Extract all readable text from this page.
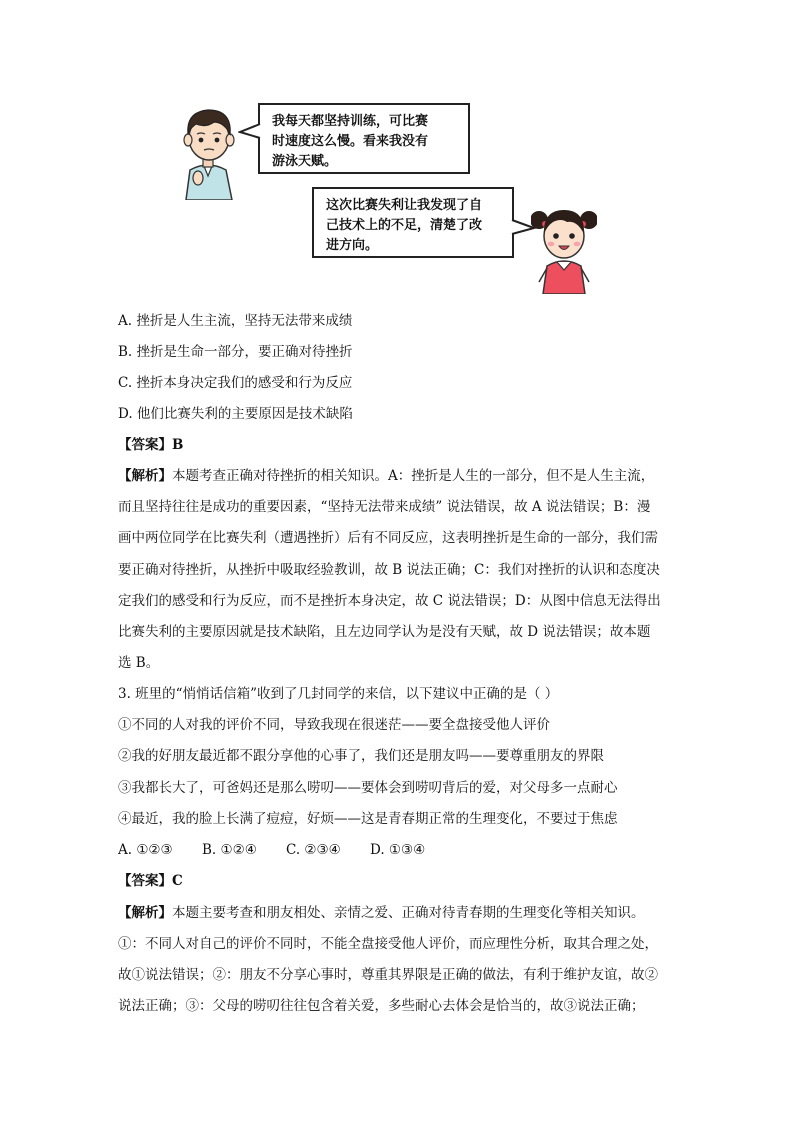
我每天都坚持训练，可比赛
时速度这么慢。看来我没有
游泳天赋。
这次比赛失利让我发现了自
己技术上的不足，清楚了改
进方向。
A. 挫折是人生主流，坚持无法带来成绩
B. 挫折是生命一部分，要正确对待挫折
C. 挫折本身决定我们的感受和行为反应
D. 他们比赛失利的主要原因是技术缺陷
【答案】B
【解析】本题考查正确对待挫折的相关知识。A：挫折是人生的一部分，但不是人生主流，
而且坚持往往是成功的重要因素，“坚持无法带来成绩” 说法错误，故 A 说法错误；B：漫
画中两位同学在比赛失利（遭遇挫折）后有不同反应，这表明挫折是生命的一部分，我们需
要正确对待挫折，从挫折中吸取经验教训，故 B 说法正确；C：我们对挫折的认识和态度决
定我们的感受和行为反应，而不是挫折本身决定，故 C 说法错误；D：从图中信息无法得出
比赛失利的主要原因就是技术缺陷，且左边同学认为是没有天赋，故 D 说法错误；故本题
选 B。
3. 班里的“悄悄话信箱”收到了几封同学的来信，以下建议中正确的是（ ）
①不同的人对我的评价不同，导致我现在很迷茫——要全盘接受他人评价
②我的好朋友最近都不跟分享他的心事了，我们还是朋友吗——要尊重朋友的界限
③我都长大了，可爸妈还是那么唠叨——要体会到唠叨背后的爱，对父母多一点耐心
④最近，我的脸上长满了痘痘，好烦——这是青春期正常的生理变化，不要过于焦虑
A. ①②③ B. ①②④ C. ②③④ D. ①③④
【答案】C
【解析】本题主要考查和朋友相处、亲情之爱、正确对待青春期的生理变化等相关知识。
①：不同人对自己的评价不同时，不能全盘接受他人评价，而应理性分析，取其合理之处，
故①说法错误；②：朋友不分享心事时，尊重其界限是正确的做法，有利于维护友谊，故②
说法正确；③：父母的唠叨往往包含着关爱，多些耐心去体会是恰当的，故③说法正确；
